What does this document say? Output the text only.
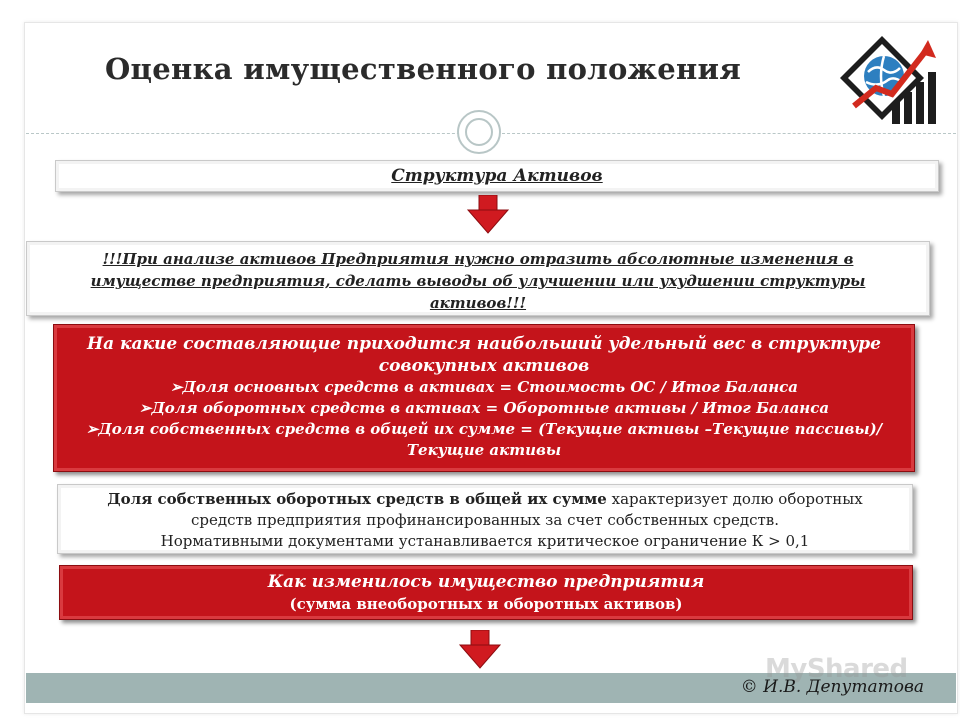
Оценка имущественного положения
Структура Активов
!!!При анализе активов Предприятия нужно отразить абсолютные изменения в имуществе предприятия, сделать выводы об улучшении или ухудшении структуры активов!!!
На какие составляющие приходится наибольший удельный вес в структуре совокупных активов
➢Доля основных средств в активах = Стоимость ОС / Итог Баланса
➢Доля оборотных средств в активах = Оборотные активы / Итог Баланса
➢Доля собственных средств в общей их сумме = (Текущие активы –Текущие пассивы)/Текущие активы
Доля собственных оборотных средств в общей их сумме характеризует долю оборотных средств предприятия профинансированных за счет собственных средств.
Нормативными документами устанавливается критическое ограничение К > 0,1
Как изменилось имущество предприятия
(сумма внеоборотных и оборотных активов)
MyShared
© И.В. Депутатова
